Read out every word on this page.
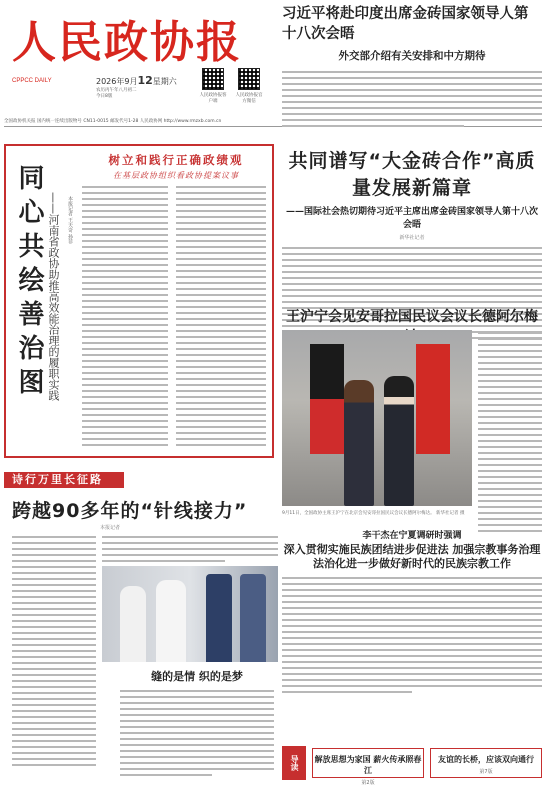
人民政协报
CPPCC DAILY	2026年9月12星期六
农历丙午年八月初二
今日8版	人民政协报客户端
人民政协报官方微信
全国政协机关报 国内统一连续出版物号 CN11-0015 邮发代号1-28 人民政协网 http://www.rmzxb.com.cn
习近平将赴印度出席金砖国家领导人第十八次会晤
外交部介绍有关安排和中方期待
树立和践行正确政绩观
在基层政协组织看政协提案议事
同心共绘善治图 ——河南省政协助推高效能治理的履职实践	本报记者 王天奇 孙菲
共同谱写“大金砖合作”高质量发展新篇章
——国际社会热切期待习近平主席出席金砖国家领导人第十八次会晤
新华社记者
王沪宁会见安哥拉国民议会议长德阿尔梅
9月11日，全国政协主席王沪宁在北京会见安哥拉国民议会议长德阿尔梅达。 新华社记者 摄
李干杰在宁夏调研时强调
深入贯彻实施民族团结进步促进法 加强宗教事务治理法治化进一步做好新时代的民族宗教工作
诗行万里长征路
跨越90多年的“针线接力”
本报记者
缝的是情 织的是梦
导读	解放思想为家国 薪火传承照春江
第2版
友谊的长桥，应该双向通行
第7版
